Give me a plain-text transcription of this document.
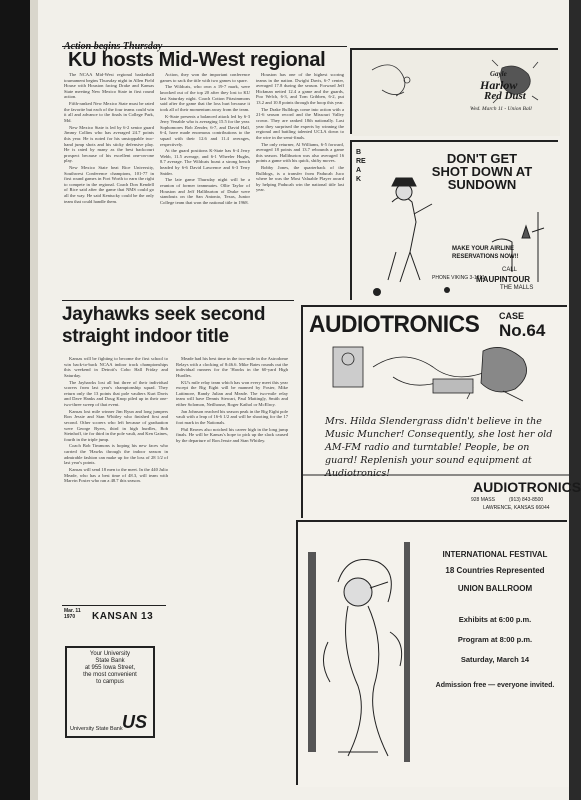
KU hosts Mid-West regional

The NCAA Mid-West regional basketball tournament begins Thursday night in Allen Field House with Houston facing Drake and Kansas State meeting New Mexico State in first round action.

Fifth-ranked New Mexico State must be rated the favorite but each of the four teams could win it all and advance to the finals in College Park, Md.

New Mexico State is led by 6-2 senior guard Jimmy Collins who has averaged 24.7 points this year. He is noted for his unstoppable two-hand jump shots and his sticky defensive play. He is rated by many as the best backcourt prospect because of his excellent one-on-one play.

New Mexico State beat Rice University, Southwest Conference champions, 101-77 in first round games in Fort Worth to earn the right to compete in the regional. Coach Don Kendell of Rice said after the game that NMS could go all the way. He said Kentucky could be the only team that could handle them.

Action, they won the important conference games to sack the title with two games to spare.

The Wildcats, who own a 19-7 mark, were knocked out of the top 20 after they lost to KU last Saturday night. Coach Cotton Fitzsimmons said after the game that the loss hurt because it took all of their momentum away from the team.

K-State presents a balanced attack led by 6-3 Jerry Venable who is averaging 15.5 for the year. Sophomores Bob Zender, 6-7, and David Hall, 6-4, have made enormous contributions to the squad with their 12.6 and 11.4 averages, respectively.

At the guard positions K-State has 6-4 Jerry Webb, 11.5 average, and 6-1 Wheeler Hughs, 8.7 average. The Wildcats boast a strong bench headed by 6-6 David Lawrence and 6-3 Terry Snider.

The late game Thursday night will be a reunion of former teammates. Ollie Taylor of Houston and Jeff Halliburton of Drake were standouts on the San Antonio, Texas, Junior College team that won the national title in 1968.

Houston has one of the highest scoring teams in the nation. Dwight Davis, 6-7 center, averaged 17.8 during the season. Forward Jeff Hickman netted 12.4 a game and the guards, Poo Welch, 6-3, and Tom Gribben, 6-2, put 13.2 and 10.8 points through the hoop this year.

The Drake Bulldogs come into action with a 21-6 season record and the Missouri Valley crown. They are ranked 18th nationally. Last year they surprised the experts by winning the regional and battling talented UCLA down to the wire in the semi-finals.

The only returner, Al Williams, 6-5 forward, averaged 18 points and 13.7 rebounds a game this season. Halliburton was also averaged 16 points a game with his quick, shifty moves.

Bobby Jones, the quarterback of the Bulldogs, is a transfer from Paducah Juco where he was the Most Valuable Player award by helping Paducah win the national title last year.

Jayhawks seek second
straight indoor title

Kansas will be fighting to become the first school to win back-to-back NCAA indoor track championships this weekend in Detroit's Cobo Hall Friday and Saturday.

The Jayhawks lost all but three of their individual scorers from last year's championship squad. They return only the 13 points that pole vaulters Kurt Davis and Dave Hanks and Doug Knop piled up in their one-two-three sweep of that event.

Kansas lost mile winner Jim Ryun and long jumpers Ron Jessie and Stan Whitley who finished first and second. Other scorers who left because of graduation were George Byers, third in high hurdles, Bob Steinhoff, tie for third in the pole vault, and Ken Gaines, fourth in the triple jump.

Coach Bob Timmons is hoping his new faces who carried the 'Hawks through the indoor season in admirable fashion can make up for the loss of 28 1/2 of last year's points.

Kansas will send 18 men to the meet. In the 440 Julio Meade, who has a best time of 48.3, will team with Marvin Foster who ran a 48.7 this season.

Meade had his best time in the two-mile in the Astrodome Relays with a clocking of 8:46.6. Mike Bates rounds out the individual runners for the 'Hawks in the 60-yard High Hurdles.

KU's mile relay team which has won every meet this year except the Big Eight will be manned by Foster, Mike Lattimore, Randy Julian and Meade. The two-mile relay team will have Dennis Stewart, Paul Mattingly, Smith and either Solomon, Neilhouse, Roger Kathol or McElroy.

Jan Johnson reached his season peak in the Big Eight pole vault with a leap of 16-6 1/2 and will be shooting for the 17 foot mark in the Nationals.

Phil Reaves also notched his career high in the long jump finals. He will be Kansas's hope to pick up the slack caused by the departure of Ron Jessie and Stan Whitley.

Mar. 11
1970	KANSAN 13
Your University
State Bank
at 955 Iowa Street,
the most convenient
to campus
University State Bank US
Gayle
Harlow
Red Dust
Wed. March 11 - Union Ball
BREAK
DON'T GET
SHOT DOWN AT
SUNDOWN
MAKE YOUR AIRLINE
RESERVATIONS NOW!!
CALL
MAUPINTOUR
THE MALLS
PHONE VIKING 3-1211
AUDIOTRONICS CASE
No.64
Mrs. Hilda Slendergrass didn't believe in the Music Muncher! Consequently, she lost her old AM-FM radio and turntable! People, be on guard! Replenish your sound equipment at Audiotronics!
AUDIOTRONICS
928 MASS	(913) 843-8500
LAWRENCE, KANSAS 66044
INTERNATIONAL FESTIVAL
18 Countries Represented
UNION BALLROOM
Exhibits at 6:00 p.m.
Program at 8:00 p.m.
Saturday, March 14
Admission free — everyone invited.
